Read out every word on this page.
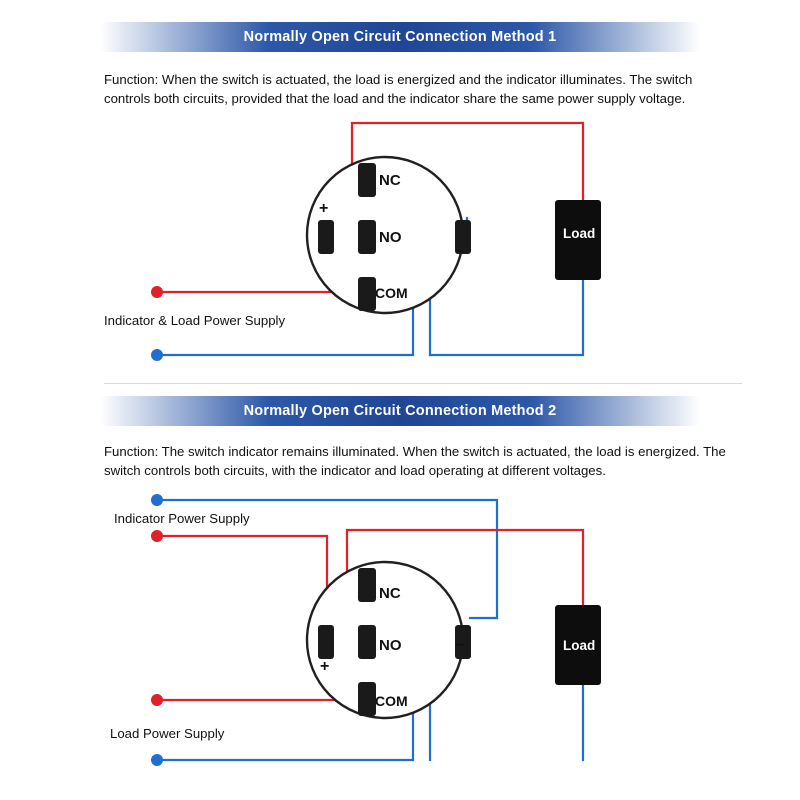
Normally Open Circuit Connection Method 1
Function: When the switch is actuated, the load is energized and the indicator illuminates. The switch controls both circuits, provided that the load and the indicator share the same power supply voltage.
NC
NO
COM
+
−
Load
Indicator & Load Power Supply
Normally Open Circuit Connection Method 2
Function: The switch indicator remains illuminated. When the switch is actuated, the load is energized. The switch controls both circuits, with the indicator and load operating at different voltages.
NC
NO
COM
+
−	Load
Indicator Power Supply
Load Power Supply
